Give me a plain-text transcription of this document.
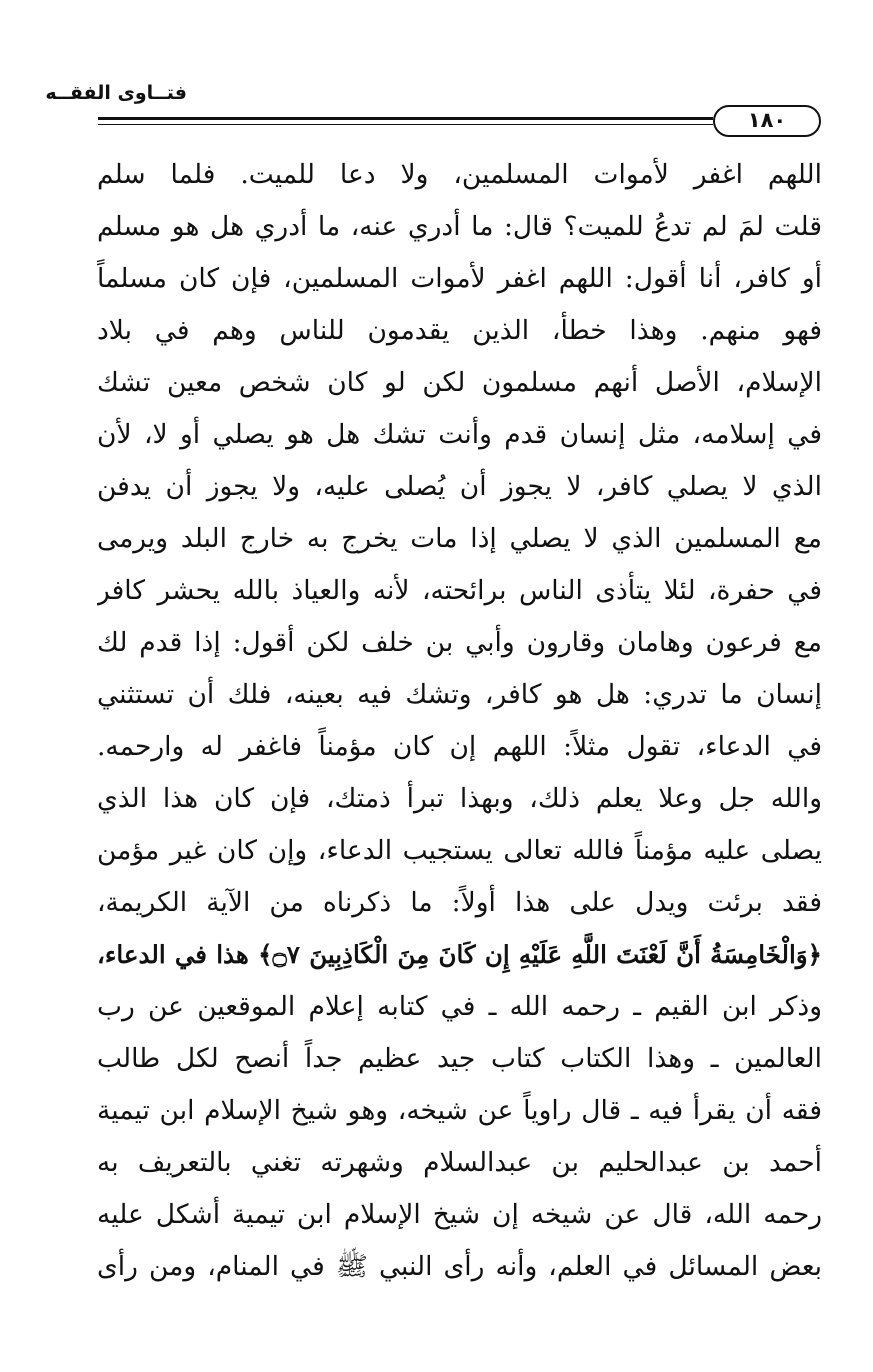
فتــاوى الفقــه
١٨٠
اللهم اغفر لأموات المسلمين، ولا دعا للميت. فلما سلم
قلت لمَ لم تدعُ للميت؟ قال: ما أدري عنه، ما أدري هل هو مسلم
أو كافر، أنا أقول: اللهم اغفر لأموات المسلمين، فإن كان مسلماً
فهو منهم. وهذا خطأ، الذين يقدمون للناس وهم في بلاد
الإسلام، الأصل أنهم مسلمون لكن لو كان شخص معين تشك
في إسلامه، مثل إنسان قدم وأنت تشك هل هو يصلي أو لا، لأن
الذي لا يصلي كافر، لا يجوز أن يُصلى عليه، ولا يجوز أن يدفن
مع المسلمين الذي لا يصلي إذا مات يخرج به خارج البلد ويرمى
في حفرة، لئلا يتأذى الناس برائحته، لأنه والعياذ بالله يحشر كافر
مع فرعون وهامان وقارون وأبي بن خلف لكن أقول: إذا قدم لك
إنسان ما تدري: هل هو كافر، وتشك فيه بعينه، فلك أن تستثني
في الدعاء، تقول مثلاً: اللهم إن كان مؤمناً فاغفر له وارحمه.
والله جل وعلا يعلم ذلك، وبهذا تبرأ ذمتك، فإن كان هذا الذي
يصلى عليه مؤمناً فالله تعالى يستجيب الدعاء، وإن كان غير مؤمن
فقد برئت ويدل على هذا أولاً: ما ذكرناه من الآية الكريمة،
﴿وَالْخَامِسَةُ أَنَّ لَعْنَتَ اللَّهِ عَلَيْهِ إِن كَانَ مِنَ الْكَاذِبِينَ ۝٧﴾ هذا في الدعاء،
وذكر ابن القيم ـ رحمه الله ـ في كتابه إعلام الموقعين عن رب
العالمين ـ وهذا الكتاب كتاب جيد عظيم جداً أنصح لكل طالب
فقه أن يقرأ فيه ـ قال راوياً عن شيخه، وهو شيخ الإسلام ابن تيمية
أحمد بن عبدالحليم بن عبدالسلام وشهرته تغني بالتعريف به
رحمه الله، قال عن شيخه إن شيخ الإسلام ابن تيمية أشكل عليه
بعض المسائل في العلم، وأنه رأى النبي ﷺ في المنام، ومن رأى
